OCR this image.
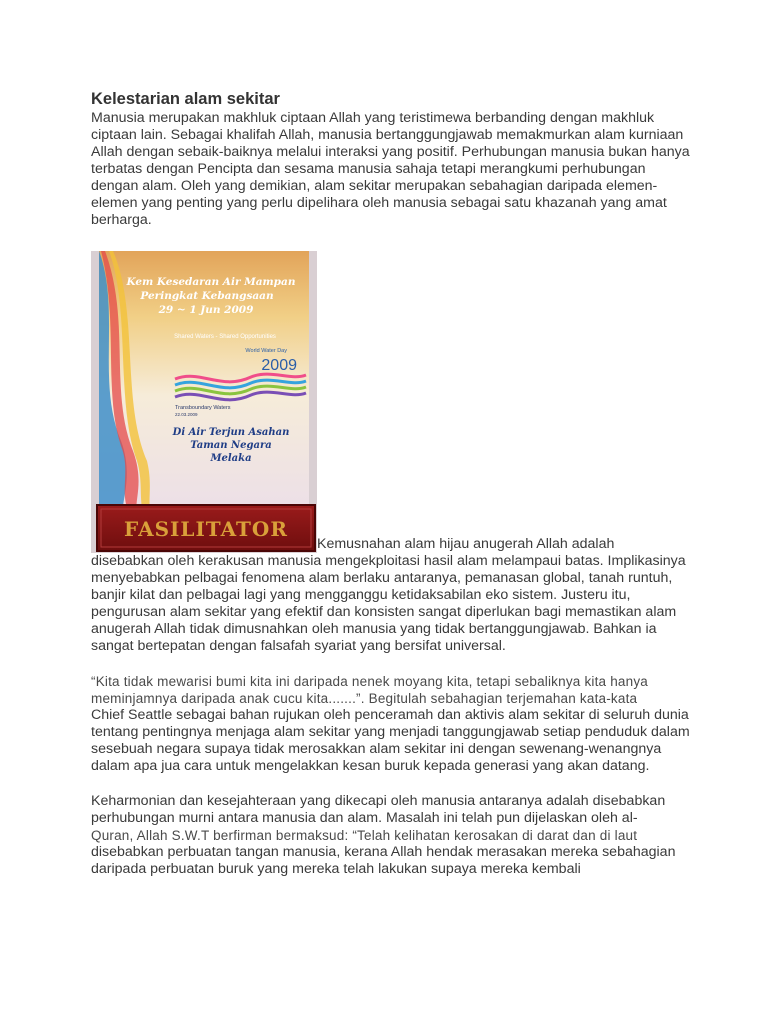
Kelestarian alam sekitar

Manusia merupakan makhluk ciptaan Allah yang teristimewa berbanding dengan makhluk ciptaan lain. Sebagai khalifah Allah, manusia bertanggungjawab memakmurkan alam kurniaan Allah dengan sebaik-baiknya melalui interaksi yang positif. Perhubungan manusia bukan hanya terbatas dengan Pencipta dan sesama manusia sahaja tetapi merangkumi perhubungan dengan alam. Oleh yang demikian, alam sekitar merupakan sebahagian daripada elemen-elemen yang penting yang perlu dipelihara oleh manusia sebagai satu khazanah yang amat berharga.

Kem Kesedaran Air Mampan
Peringkat Kebangsaan
29 ~ 1 Jun 2009
Shared Waters - Shared Opportunities
World Water Day
2009
Transboundary Waters
22.03.2009
Di Air Terjun Asahan
Taman Negara
Melaka
FASILITATOR
Kemusnahan alam hijau anugerah Allah adalah

disebabkan oleh kerakusan manusia mengekploitasi hasil alam melampaui batas. Implikasinya menyebabkan pelbagai fenomena alam berlaku antaranya, pemanasan global, tanah runtuh, banjir kilat dan pelbagai lagi yang mengganggu ketidaksabilan eko sistem. Justeru itu, pengurusan alam sekitar yang efektif dan konsisten sangat diperlukan bagi memastikan alam anugerah Allah tidak dimusnahkan oleh manusia yang tidak bertanggungjawab. Bahkan ia sangat bertepatan dengan falsafah syariat yang bersifat universal.

“Kita tidak mewarisi bumi kita ini daripada nenek moyang kita, tetapi sebaliknya kita hanya meminjamnya daripada anak cucu kita.......”. Begitulah sebahagian terjemahan kata-kata

Chief Seattle sebagai bahan rujukan oleh penceramah dan aktivis alam sekitar di seluruh dunia tentang pentingnya menjaga alam sekitar yang menjadi tanggungjawab setiap penduduk dalam sesebuah negara supaya tidak merosakkan alam sekitar ini dengan sewenang-wenangnya dalam apa jua cara untuk mengelakkan kesan buruk kepada generasi yang akan datang.

Keharmonian dan kesejahteraan yang dikecapi oleh manusia antaranya adalah disebabkan perhubungan murni antara manusia dan alam. Masalah ini telah pun dijelaskan oleh al-

Quran, Allah S.W.T berfirman bermaksud: “Telah kelihatan kerosakan di darat dan di laut

disebabkan perbuatan tangan manusia, kerana Allah hendak merasakan mereka sebahagian daripada perbuatan buruk yang mereka telah lakukan supaya mereka kembali
